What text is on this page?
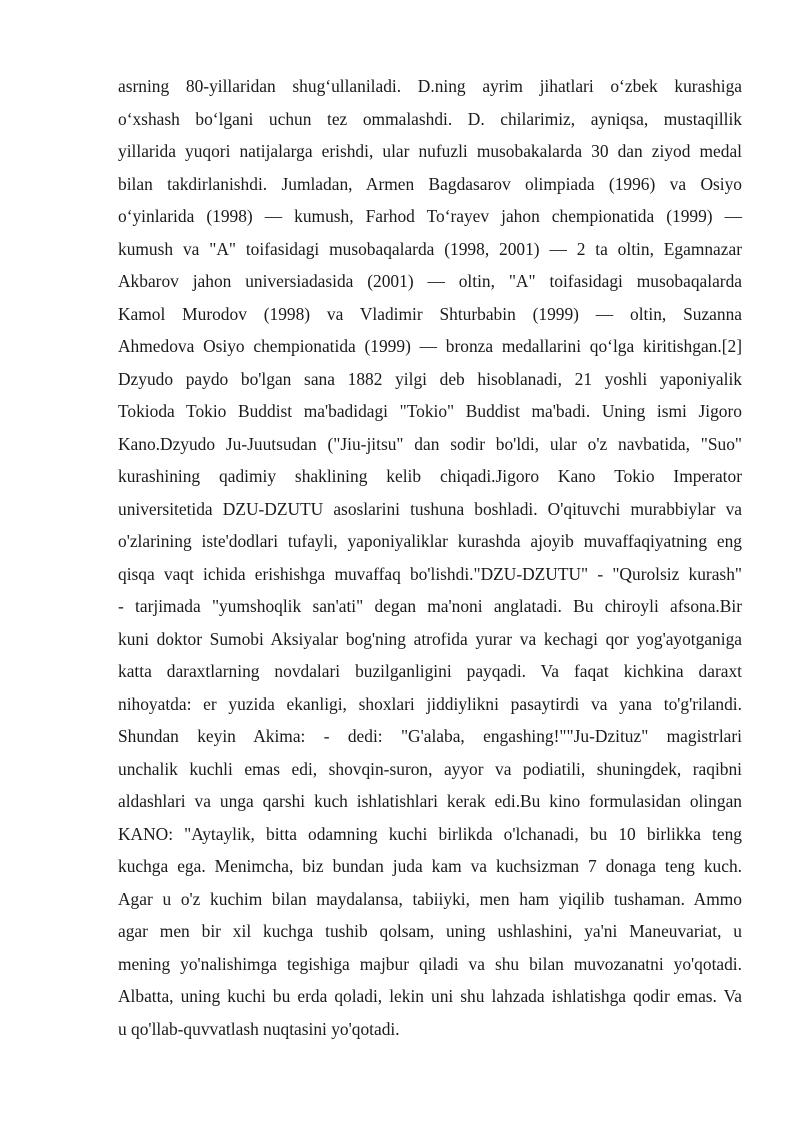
asrning 80-yillaridan shug‘ullaniladi. D.ning ayrim jihatlari o‘zbek kurashiga
o‘xshash bo‘lgani uchun tez ommalashdi. D. chilarimiz, ayniqsa, mustaqillik
yillarida yuqori natijalarga erishdi, ular nufuzli musobakalarda 30 dan ziyod medal
bilan takdirlanishdi. Jumladan, Armen Bagdasarov olimpiada (1996) va Osiyo
o‘yinlarida (1998) — kumush, Farhod To‘rayev jahon chempionatida (1999) —
kumush va "A" toifasidagi musobaqalarda (1998, 2001) — 2 ta oltin, Egamnazar
Akbarov jahon universiadasida (2001) — oltin, "A" toifasidagi musobaqalarda
Kamol Murodov (1998) va Vladimir Shturbabin (1999) — oltin, Suzanna
Ahmedova Osiyo chempionatida (1999) — bronza medallarini qo‘lga kiritishgan.[2]
Dzyudo paydo bo'lgan sana 1882 yilgi deb hisoblanadi, 21 yoshli yaponiyalik
Tokioda Tokio Buddist ma'badidagi "Tokio" Buddist ma'badi. Uning ismi Jigoro
Kano.Dzyudo Ju-Juutsudan ("Jiu-jitsu" dan sodir bo'ldi, ular o'z navbatida, "Suo"
kurashining qadimiy shaklining kelib chiqadi.Jigoro Kano Tokio Imperator
universitetida DZU-DZUTU asoslarini tushuna boshladi. O'qituvchi murabbiylar va
o'zlarining iste'dodlari tufayli, yaponiyaliklar kurashda ajoyib muvaffaqiyatning eng
qisqa vaqt ichida erishishga muvaffaq bo'lishdi."DZU-DZUTU" - "Qurolsiz kurash"
- tarjimada "yumshoqlik san'ati" degan ma'noni anglatadi. Bu chiroyli afsona.Bir
kuni doktor Sumobi Aksiyalar bog'ning atrofida yurar va kechagi qor yog'ayotganiga
katta daraxtlarning novdalari buzilganligini payqadi. Va faqat kichkina daraxt
nihoyatda: er yuzida ekanligi, shoxlari jiddiylikni pasaytirdi va yana to'g'rilandi.
Shundan keyin Akima: - dedi: "G'alaba, engashing!""Ju-Dzituz" magistrlari
unchalik kuchli emas edi, shovqin-suron, ayyor va podiatili, shuningdek, raqibni
aldashlari va unga qarshi kuch ishlatishlari kerak edi.Bu kino formulasidan olingan
KANO: "Aytaylik, bitta odamning kuchi birlikda o'lchanadi, bu 10 birlikka teng
kuchga ega. Menimcha, biz bundan juda kam va kuchsizman 7 donaga teng kuch.
Agar u o'z kuchim bilan maydalansa, tabiiyki, men ham yiqilib tushaman. Ammo
agar men bir xil kuchga tushib qolsam, uning ushlashini, ya'ni Maneuvariat, u
mening yo'nalishimga tegishiga majbur qiladi va shu bilan muvozanatni yo'qotadi.
Albatta, uning kuchi bu erda qoladi, lekin uni shu lahzada ishlatishga qodir emas. Va
u qo'llab-quvvatlash nuqtasini yo'qotadi.
